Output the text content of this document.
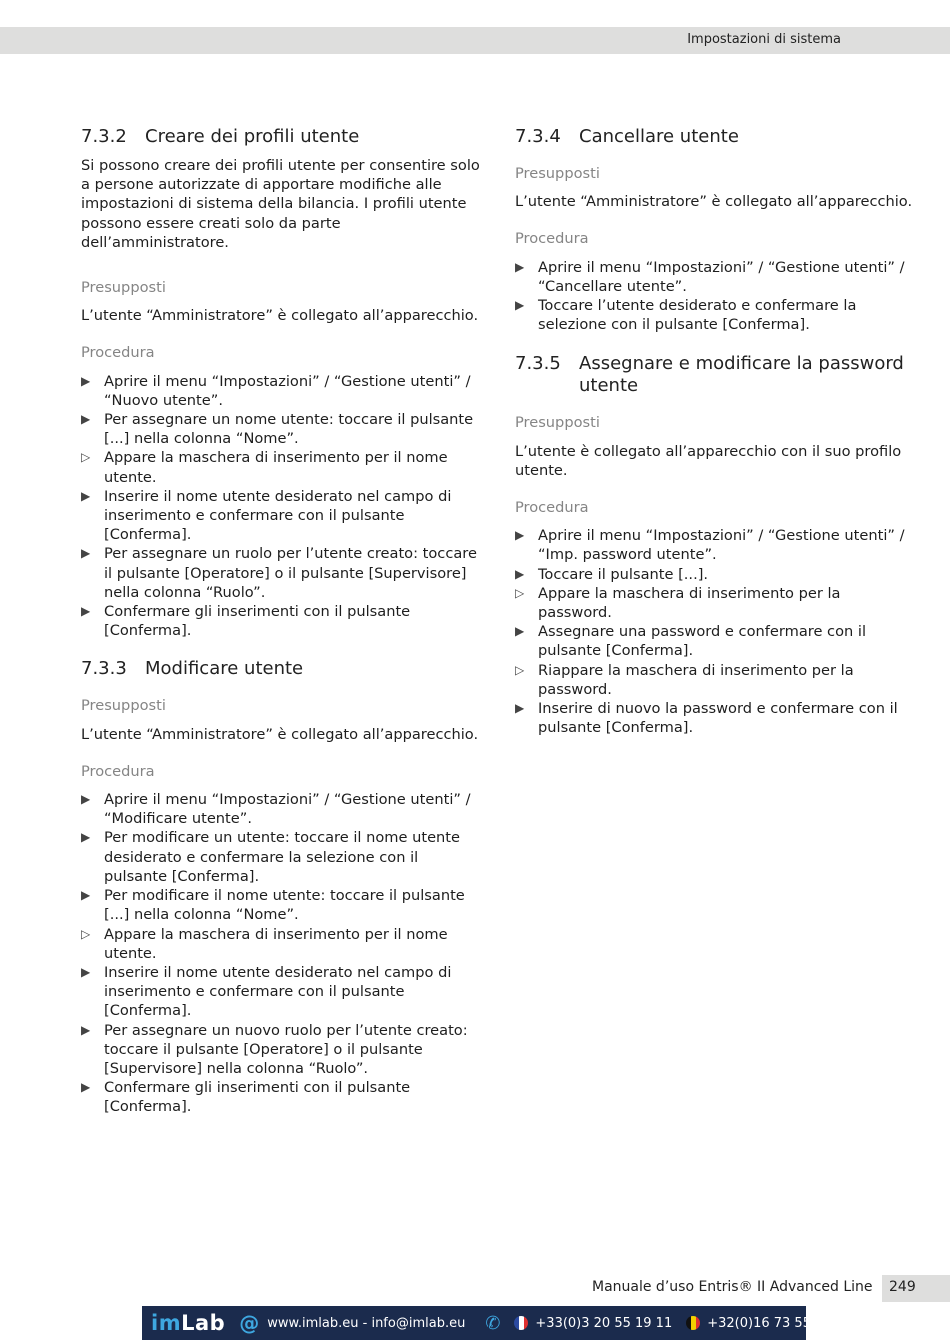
Impostazioni di sistema
7.3.2	Creare dei profili utente

Si possono creare dei profili utente per consentire solo a persone autorizzate di apportare modifiche alle impostazioni di sistema della bilancia. I profili utente possono essere creati solo da parte dell’amministratore.

Presupposti

L’utente “Amministratore” è collegato all’apparecchio.

Procedura

▶ Aprire il menu “Impostazioni” / “Gestione utenti” / “Nuovo utente”.
▶ Per assegnare un nome utente: toccare il pulsante [...] nella colonna “Nome”.
▷ Appare la maschera di inserimento per il nome utente.
▶ Inserire il nome utente desiderato nel campo di inserimento e confermare con il pulsante [Conferma].
▶ Per assegnare un ruolo per l’utente creato: toccare il pulsante [Operatore] o il pulsante [Supervisore] nella colonna “Ruolo”.
▶ Confermare gli inserimenti con il pulsante [Conferma].
7.3.3	Modificare utente

Presupposti

L’utente “Amministratore” è collegato all’apparecchio.

Procedura

▶ Aprire il menu “Impostazioni” / “Gestione utenti” / “Modificare utente”.
▶ Per modificare un utente: toccare il nome utente desiderato e confermare la selezione con il pulsante [Conferma].
▶ Per modificare il nome utente: toccare il pulsante [...] nella colonna “Nome”.
▷ Appare la maschera di inserimento per il nome utente.
▶ Inserire il nome utente desiderato nel campo di inserimento e confermare con il pulsante [Conferma].
▶ Per assegnare un nuovo ruolo per l’utente creato: toccare il pulsante [Operatore] o il pulsante [Supervisore] nella colonna “Ruolo”.
▶ Confermare gli inserimenti con il pulsante [Conferma].
7.3.4	Cancellare utente

Presupposti

L’utente “Amministratore” è collegato all’apparecchio.

Procedura

▶ Aprire il menu “Impostazioni” / “Gestione utenti” / “Cancellare utente”.
▶ Toccare l’utente desiderato e confermare la selezione con il pulsante [Conferma].
7.3.5	Assegnare e modificare la password utente

Presupposti

L’utente è collegato all’apparecchio con il suo profilo utente.

Procedura

▶ Aprire il menu “Impostazioni” / “Gestione utenti” / “Imp. password utente”.
▶ Toccare il pulsante [...].
▷ Appare la maschera di inserimento per la password.
▶ Assegnare una password e confermare con il pulsante [Conferma].
▷ Riappare la maschera di inserimento per la password.
▶ Inserire di nuovo la password e confermare con il pulsante [Conferma].
Manuale d’uso Entris® II Advanced Line 249
imLab @ www.imlab.eu - info@imlab.eu ✆	+33(0)3 20 55 19 11	+32(0)16 73 55 72
